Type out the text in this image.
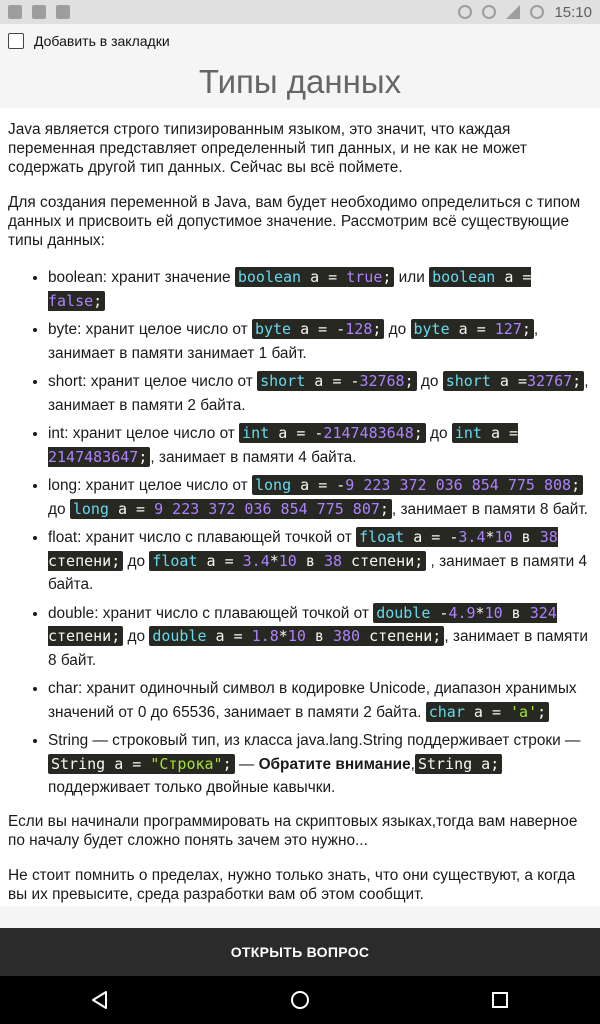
15:10
Добавить в закладки
Типы данных

Java является строго типизированным языком, это значит, что каждая переменная представляет определенный тип данных, и не как не может содержать другой тип данных. Сейчас вы всё поймете.

Для создания переменной в Java, вам будет необходимо определиться с типом данных и присвоить ей допустимое значение. Рассмотрим всё существующие типы данных:

• boolean: хранит значение boolean a = true; или boolean a = false;
• byte: хранит целое число от byte a = -128; до byte a = 127; , занимает в памяти занимает 1 байт.
• short: хранит целое число от short a = -32768; до short a =32767; , занимает в памяти 2 байта.
• int: хранит целое число от int a = -2147483648; до int a = 2147483647; , занимает в памяти 4 байта.
• long: хранит целое число от long a = -9 223 372 036 854 775 808; до long a = 9 223 372 036 854 775 807; , занимает в памяти 8 байт.
• float: хранит число с плавающей точкой от float a = -3.4*10 в 38 степени; до float a = 3.4*10 в 38 степени; , занимает в памяти 4 байта.
• double: хранит число с плавающей точкой от double -4.9*10 в 324 степени; до double a = 1.8*10 в 380 степени; , занимает в памяти 8 байт.
• char: хранит одиночный символ в кодировке Unicode, диапазон хранимых значений от 0 до 65536, занимает в памяти 2 байта. char a = 'a';
• String — строковый тип, из класса java.lang.String поддерживает строки — String a = "Строка"; — Обратите внимание, String a; поддерживает только двойные кавычки.

Если вы начинали программировать на скриптовых языках,тогда вам наверное по началу будет сложно понять зачем это нужно...

Не стоит помнить о пределах, нужно только знать, что они существуют, а когда вы их превысите, среда разработки вам об этом сообщит.

ОТКРЫТЬ ВОПРОС
